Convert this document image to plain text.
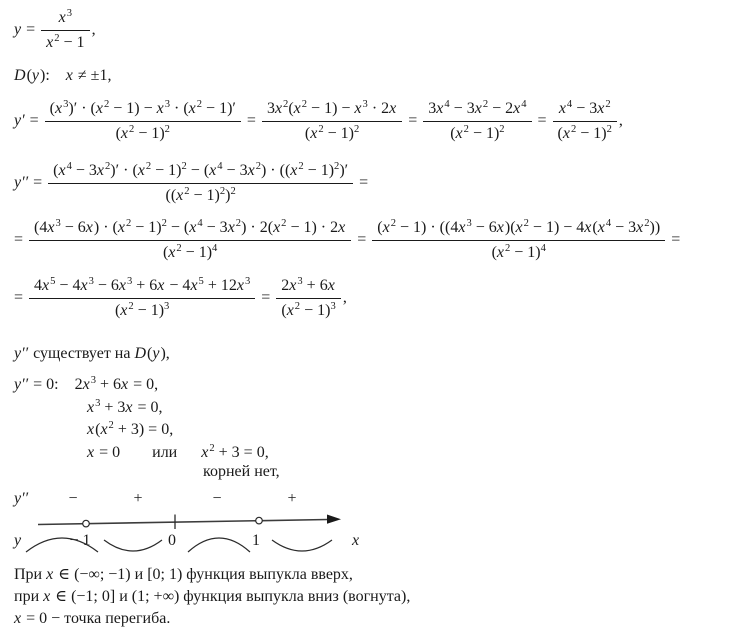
$y = \frac{x^3}{x^2 - 1}$ ,
D(y):    x ≠ ±1,
$y' = \frac{(x^3)' \cdot (x^2 - 1) - x^3 \cdot (x^2 - 1)'}{(x^2 - 1)^2} = \frac{3x^2(x^2 - 1) - x^3 \cdot 2x}{(x^2 - 1)^2} = \frac{3x^4 - 3x^2 - 2x^4}{(x^2 - 1)^2} = \frac{x^4 - 3x^2}{(x^2 - 1)^2}$ ,
$y'' = \frac{(x^4 - 3x^2)' \cdot (x^2 - 1)^2 - (x^4 - 3x^2) \cdot ((x^2 - 1)^2)'}{((x^2 - 1)^2)^2}$ =
= $\frac{(4x^3 - 6x) \cdot (x^2 - 1)^2 - (x^4 - 3x^2) \cdot 2(x^2 - 1) \cdot 2x}{(x^2 - 1)^4} = \frac{(x^2 - 1) \cdot ((4x^3 - 6x)(x^2 - 1) - 4x(x^4 - 3x^2))}{(x^2 - 1)^4}$ =
= $\frac{4x^5 - 4x^3 - 6x^3 + 6x - 4x^5 + 12x^3}{(x^2 - 1)^3} = \frac{2x^3 + 6x}{(x^2 - 1)^3}$ ,
y′′ существует на D(y),
y′′ = 0:    $2x^3 + 6x = 0$,
$x^3 + 3x = 0$,
$x(x^2 + 3) = 0$,
x = 0        или      $x^2 + 3 = 0$,
корней нет,
y′′	−	+	−	+
y	− 1	0	1	x
При x ∈ (−∞; −1) и [0; 1) функция выпукла вверх,
при x ∈ (−1; 0] и (1; +∞) функция выпукла вниз (вогнута),
x = 0 − точка перегиба.
